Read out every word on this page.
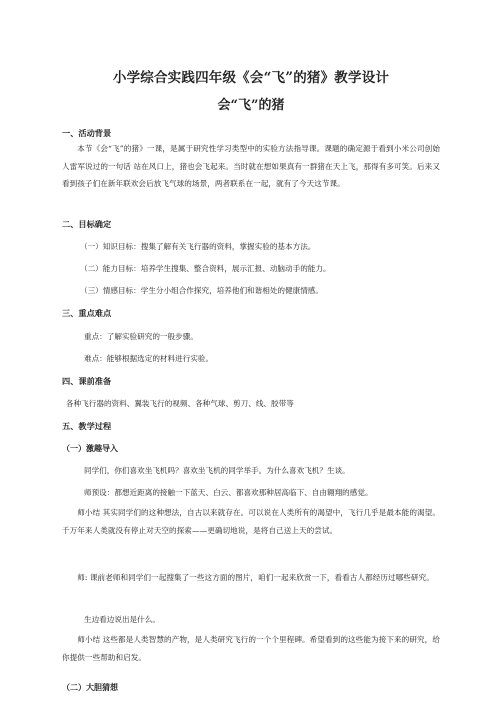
小学综合实践四年级《会“飞”的猪》教学设计
会“飞”的猪
一、活动背景
本节《会“飞”的猪》一课，是属于研究性学习类型中的实验方法指导课。课题的确定源于看到小米公司创始人雷军说过的一句话 站在风口上，猪也会飞起来。当时就在想如果真有一群猪在天上飞，那得有多可笑。后来又看到孩子们在新年联欢会后放飞气球的场景，两者联系在一起，就有了今天这节课。
二、目标确定
（一）知识目标：搜集了解有关飞行器的资料，掌握实验的基本方法。
（二）能力目标：培养学生搜集、整合资料，展示汇报、动脑动手的能力。
（三）情感目标：学生分小组合作探究，培养他们和谐相处的健康情感。
三、重点难点
重点：了解实验研究的一般步骤。
难点：能够根据选定的材料进行实验。
四、课前准备
各种飞行器的资料、翼装飞行的视频、各种气球、剪刀、线、胶带等
五、教学过程
（一）激趣导入
同学们，你们喜欢坐飞机吗？喜欢坐飞机的同学举手。为什么喜欢飞机？生谈。
师预设：都想近距离的接触一下蓝天、白云、都喜欢那种居高临下、自由翱翔的感觉。
师小结 其实同学们的这种想法，自古以来就存在。可以说在人类所有的渴望中，飞行几乎是最本能的渴望。千万年来人类就没有停止对天空的探索——更确切地说，是将自己送上天的尝试。
师: 课前老师和同学们一起搜集了一些这方面的图片，咱们一起来欣赏一下，看看古人都经历过哪些研究。
生边看边说出是什么。
师小结 这些都是人类智慧的产物，是人类研究飞行的一个个里程碑。希望看到的这些能为接下来的研究，给你提供一些帮助和启发。
（二）大胆猜想
